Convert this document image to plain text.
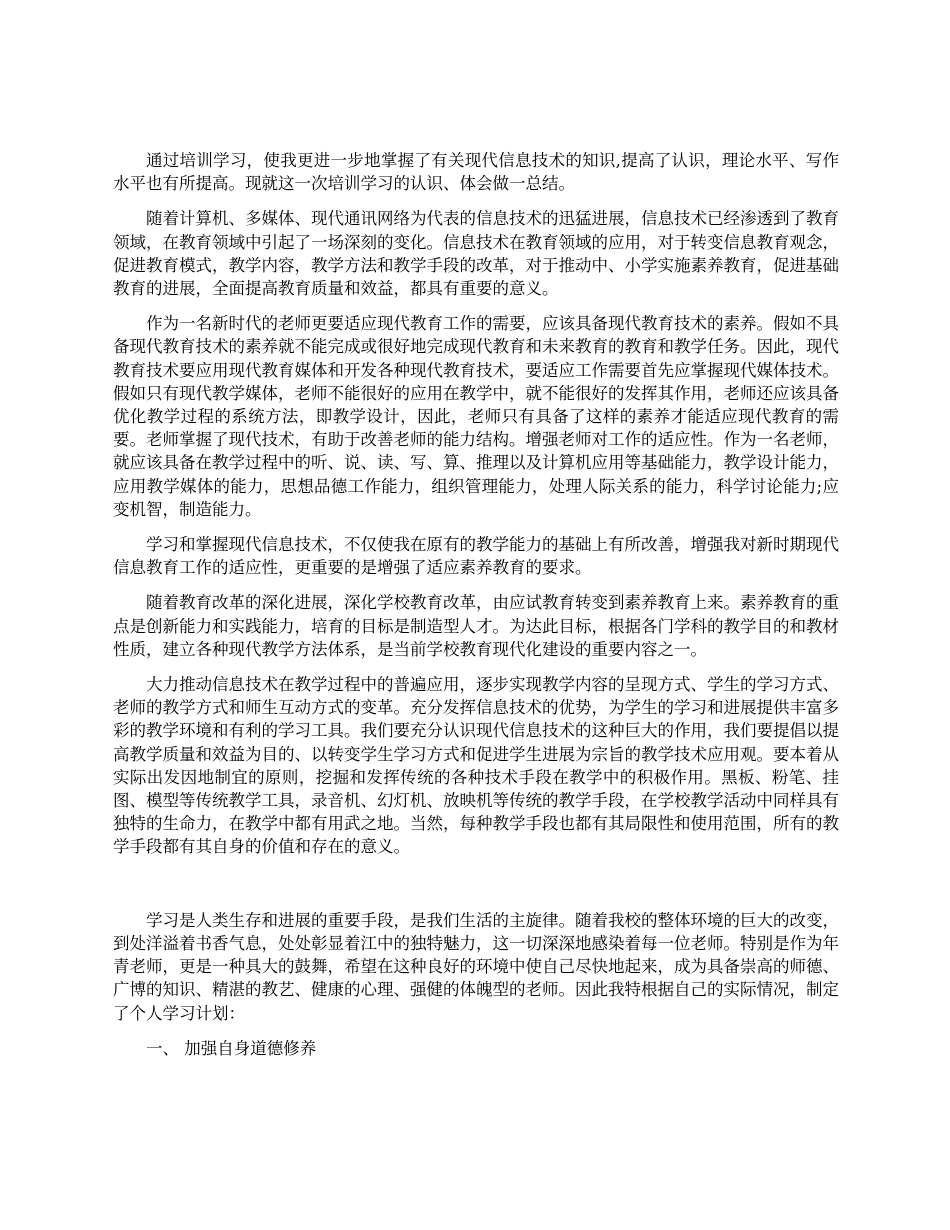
通过培训学习，使我更进一步地掌握了有关现代信息技术的知识,提高了认识，理论水平、写作水平也有所提高。现就这一次培训学习的认识、体会做一总结。

随着计算机、多媒体、现代通讯网络为代表的信息技术的迅猛进展，信息技术已经渗透到了教育领域，在教育领域中引起了一场深刻的变化。信息技术在教育领域的应用，对于转变信息教育观念，促进教育模式，教学内容，教学方法和教学手段的改革，对于推动中、小学实施素养教育，促进基础教育的进展，全面提高教育质量和效益，都具有重要的意义。

作为一名新时代的老师更要适应现代教育工作的需要，应该具备现代教育技术的素养。假如不具备现代教育技术的素养就不能完成或很好地完成现代教育和未来教育的教育和教学任务。因此，现代教育技术要应用现代教育媒体和开发各种现代教育技术，要适应工作需要首先应掌握现代媒体技术。假如只有现代教学媒体，老师不能很好的应用在教学中，就不能很好的发挥其作用，老师还应该具备优化教学过程的系统方法，即教学设计，因此，老师只有具备了这样的素养才能适应现代教育的需要。老师掌握了现代技术，有助于改善老师的能力结构。增强老师对工作的适应性。作为一名老师，就应该具备在教学过程中的听、说、读、写、算、推理以及计算机应用等基础能力，教学设计能力，应用教学媒体的能力，思想品德工作能力，组织管理能力，处理人际关系的能力，科学讨论能力;应变机智，制造能力。

学习和掌握现代信息技术，不仅使我在原有的教学能力的基础上有所改善，增强我对新时期现代信息教育工作的适应性，更重要的是增强了适应素养教育的要求。

随着教育改革的深化进展，深化学校教育改革，由应试教育转变到素养教育上来。素养教育的重点是创新能力和实践能力，培育的目标是制造型人才。为达此目标，根据各门学科的教学目的和教材性质，建立各种现代教学方法体系，是当前学校教育现代化建设的重要内容之一。

大力推动信息技术在教学过程中的普遍应用，逐步实现教学内容的呈现方式、学生的学习方式、老师的教学方式和师生互动方式的变革。充分发挥信息技术的优势，为学生的学习和进展提供丰富多彩的教学环境和有利的学习工具。我们要充分认识现代信息技术的这种巨大的作用，我们要提倡以提高教学质量和效益为目的、以转变学生学习方式和促进学生进展为宗旨的教学技术应用观。要本着从实际出发因地制宜的原则，挖掘和发挥传统的各种技术手段在教学中的积极作用。黑板、粉笔、挂图、模型等传统教学工具，录音机、幻灯机、放映机等传统的教学手段，在学校教学活动中同样具有独特的生命力，在教学中都有用武之地。当然，每种教学手段也都有其局限性和使用范围，所有的教学手段都有其自身的价值和存在的意义。

学习是人类生存和进展的重要手段，是我们生活的主旋律。随着我校的整体环境的巨大的改变，到处洋溢着书香气息，处处彰显着江中的独特魅力，这一切深深地感染着每一位老师。特别是作为年青老师，更是一种具大的鼓舞，希望在这种良好的环境中使自己尽快地起来，成为具备崇高的师德、广博的知识、精湛的教艺、健康的心理、强健的体魄型的老师。因此我特根据自己的实际情况，制定了个人学习计划：

一、 加强自身道德修养
